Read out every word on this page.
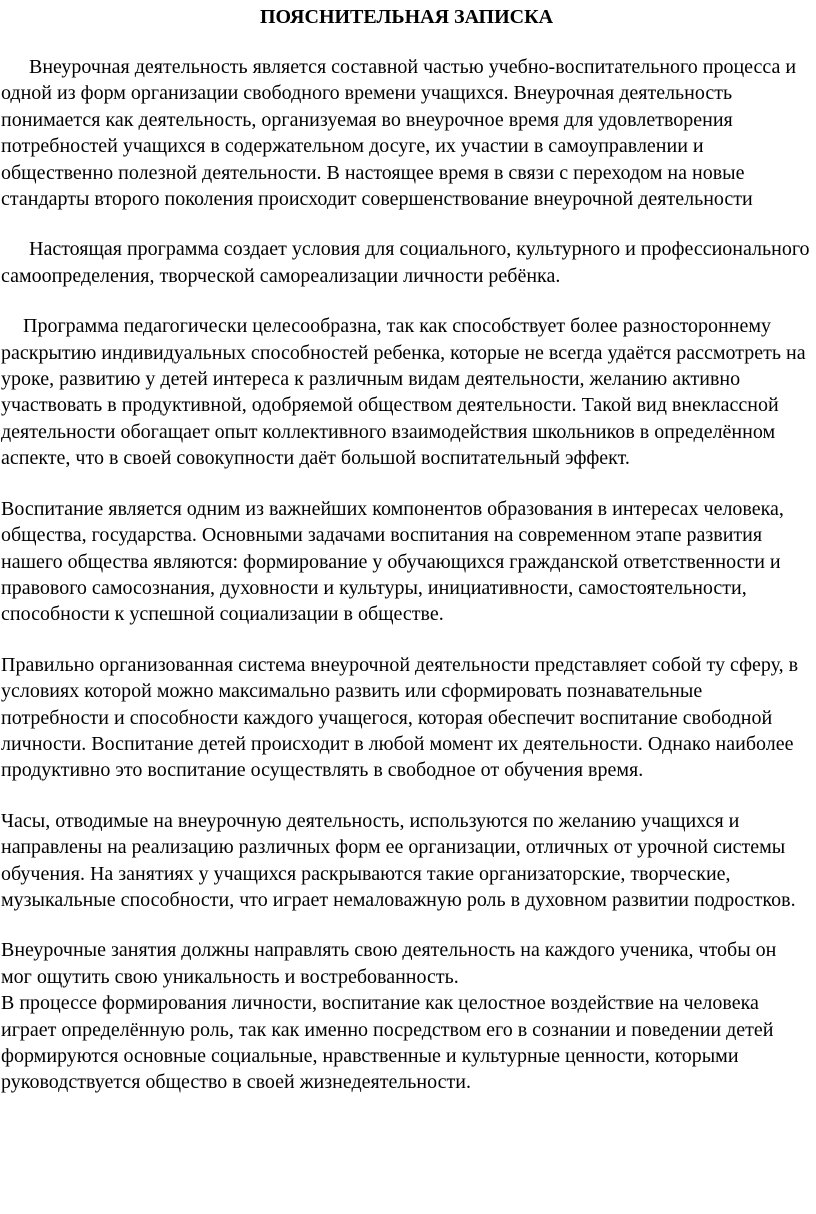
ПОЯСНИТЕЛЬНАЯ ЗАПИСКА

Внеурочная деятельность является составной частью учебно-воспитательного процесса и одной из форм организации свободного времени учащихся. Внеурочная деятельность понимается как деятельность, организуемая во внеурочное время для удовлетворения потребностей учащихся в содержательном досуге, их участии в самоуправлении и общественно полезной деятельности. В настоящее время в связи с переходом на новые стандарты второго поколения происходит совершенствование внеурочной деятельности

Настоящая программа создает условия для социального, культурного и профессионального самоопределения, творческой самореализации личности ребёнка.

Программа педагогически целесообразна, так как способствует более разностороннему раскрытию индивидуальных способностей ребенка, которые не всегда удаётся рассмотреть на уроке, развитию у детей интереса к различным видам деятельности, желанию активно участвовать в продуктивной, одобряемой обществом деятельности. Такой вид внеклассной деятельности обогащает опыт коллективного взаимодействия школьников в определённом аспекте, что в своей совокупности даёт большой воспитательный эффект.

Воспитание является одним из важнейших компонентов образования в интересах человека, общества, государства. Основными задачами воспитания на современном этапе развития нашего общества являются: формирование у обучающихся гражданской ответственности и правового самосознания, духовности и культуры, инициативности, самостоятельности, способности к успешной социализации в обществе.

Правильно организованная система внеурочной деятельности представляет собой ту сферу, в условиях которой можно максимально развить или сформировать познавательные потребности и способности каждого учащегося, которая обеспечит воспитание свободной личности. Воспитание детей происходит в любой момент их деятельности. Однако наиболее продуктивно это воспитание осуществлять в свободное от обучения время.

Часы, отводимые на внеурочную деятельность, используются по желанию учащихся и направлены на реализацию различных форм ее организации, отличных от урочной системы обучения. На занятиях у учащихся раскрываются такие организаторские, творческие, музыкальные способности, что играет немаловажную роль в духовном развитии подростков.

Внеурочные занятия должны направлять свою деятельность на каждого ученика, чтобы он мог ощутить свою уникальность и востребованность.

В процессе формирования личности, воспитание как целостное воздействие на человека играет определённую роль, так как именно посредством его в сознании и поведении детей формируются основные социальные, нравственные и культурные ценности, которыми руководствуется общество в своей жизнедеятельности.
